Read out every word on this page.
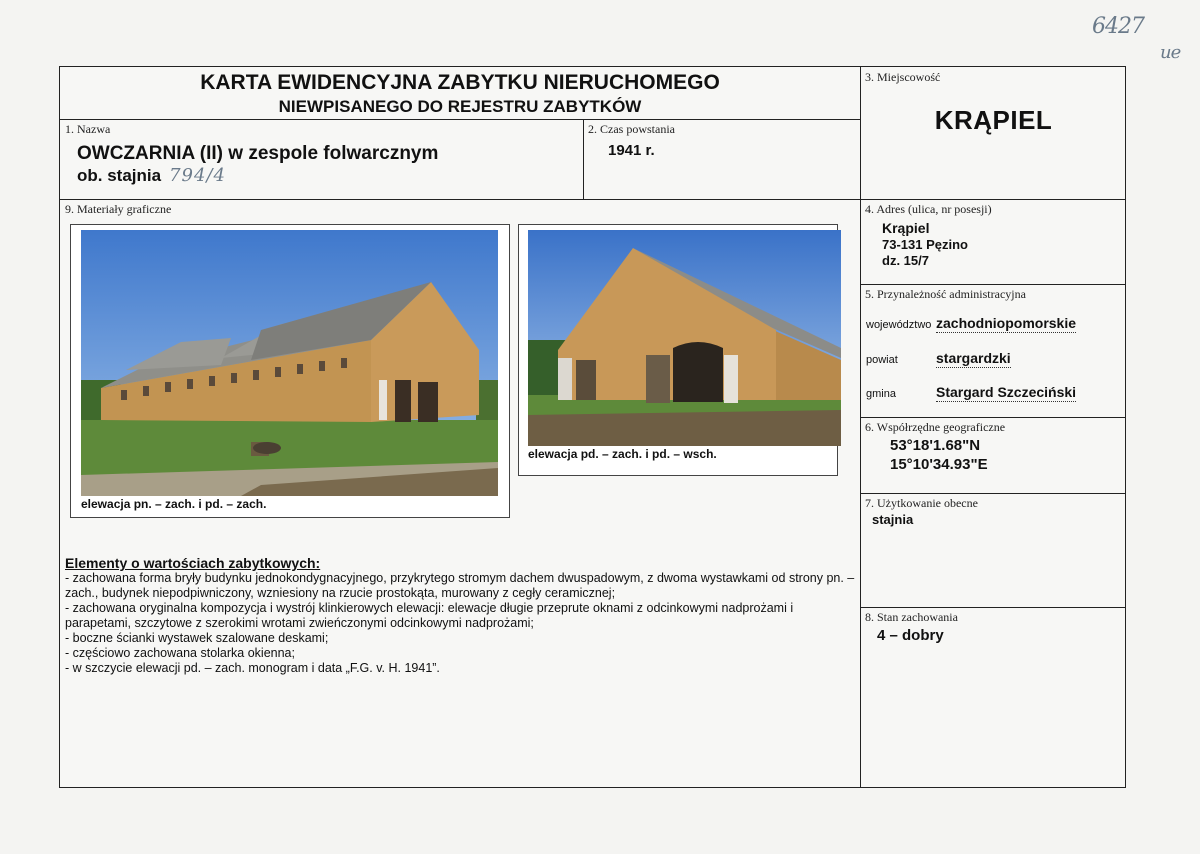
6427
ue
KARTA EWIDENCYJNA ZABYTKU NIERUCHOMEGO
NIEWPISANEGO DO REJESTRU ZABYTKÓW
1. Nazwa
OWCZARNIA (II) w zespole folwarcznym
ob. stajnia 794/4
2. Czas powstania
1941 r.
3. Miejscowość
KRĄPIEL
4. Adres (ulica, nr posesji)
Krąpiel
73-131 Pęzino
dz. 15/7
5. Przynależność administracyjna
województwo zachodniopomorskie
powiat	stargardzki
gmina	Stargard Szczeciński
6. Współrzędne geograficzne
53°18'1.68"N
15°10'34.93"E
7. Użytkowanie obecne
stajnia
8. Stan zachowania
4 – dobry
9. Materiały graficzne
elewacja pn. – zach. i pd. – zach.
elewacja pd. – zach. i pd. – wsch.
Elementy o wartościach zabytkowych:

- zachowana forma bryły budynku jednokondygnacyjnego, przykrytego stromym dachem dwuspadowym, z dwoma wystawkami od strony pn. – zach., budynek niepodpiwniczony, wzniesiony na rzucie prostokąta, murowany z cegły ceramicznej;

- zachowana oryginalna kompozycja i wystrój klinkierowych elewacji: elewacje długie przeprute oknami z odcinkowymi nadprożami i parapetami, szczytowe z szerokimi wrotami zwieńczonymi odcinkowymi nadprożami;

- boczne ścianki wystawek szalowane deskami;

- częściowo zachowana stolarka okienna;

- w szczycie elewacji pd. – zach. monogram i data „F.G. v. H. 1941”.
